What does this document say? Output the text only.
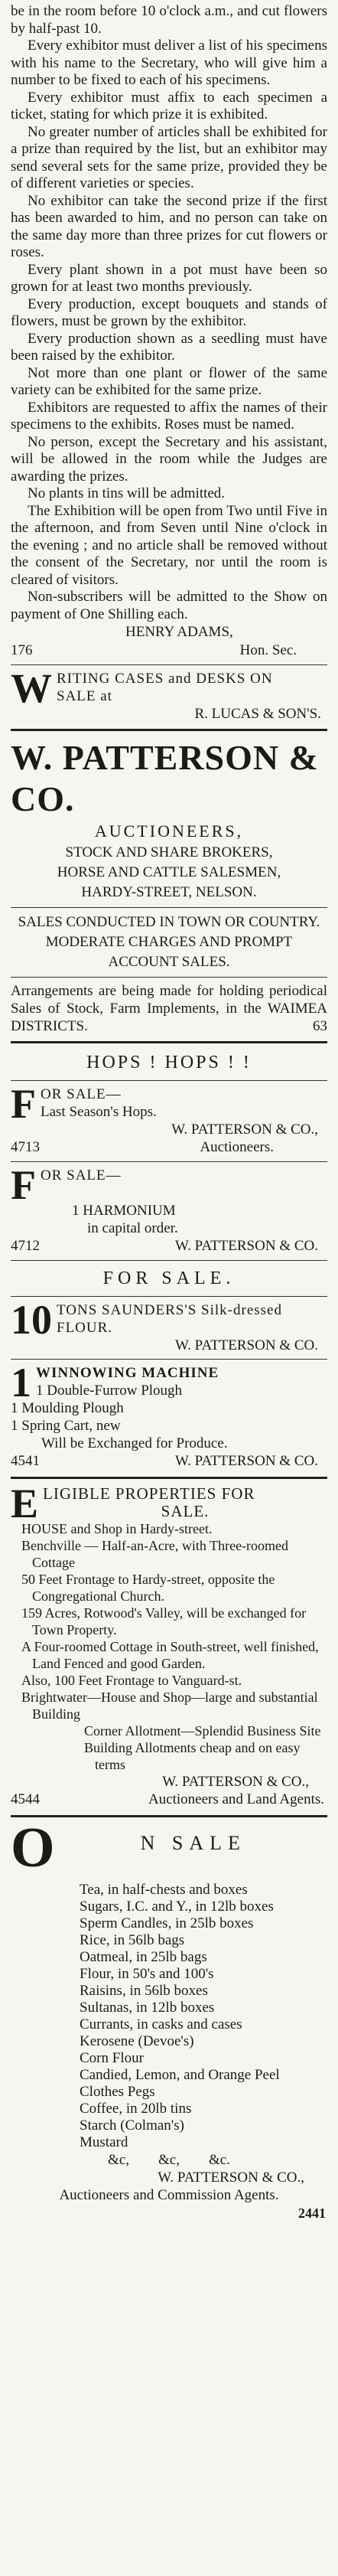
be in the room before 10 o'clock a.m., and cut flowers by half-past 10.

Every exhibitor must deliver a list of his specimens with his name to the Secretary, who will give him a number to be fixed to each of his specimens.

Every exhibitor must affix to each specimen a ticket, stating for which prize it is exhibited.

No greater number of articles shall be exhibited for a prize than required by the list, but an exhibitor may send several sets for the same prize, provided they be of different varieties or species.

No exhibitor can take the second prize if the first has been awarded to him, and no person can take on the same day more than three prizes for cut flowers or roses.

Every plant shown in a pot must have been so grown for at least two months previously.

Every production, except bouquets and stands of flowers, must be grown by the exhibitor.

Every production shown as a seedling must have been raised by the exhibitor.

Not more than one plant or flower of the same variety can be exhibited for the same prize.

Exhibitors are requested to affix the names of their specimens to the exhibits. Roses must be named.

No person, except the Secretary and his assistant, will be allowed in the room while the Judges are awarding the prizes.

No plants in tins will be admitted.

The Exhibition will be open from Two until Five in the afternoon, and from Seven until Nine o'clock in the evening ; and no article shall be removed without the consent of the Secretary, nor until the room is cleared of visitors.

Non-subscribers will be admitted to the Show on payment of One Shilling each.

HENRY ADAMS,
176	Hon. Sec.
W RITING CASES and DESKS ON
SALE at
R. LUCAS & SON'S.
W. PATTERSON & CO.
AUCTIONEERS,
STOCK AND SHARE BROKERS,
HORSE AND CATTLE SALESMEN,
HARDY-STREET, NELSON.
SALES CONDUCTED IN TOWN OR COUNTRY.
MODERATE CHARGES AND PROMPT
ACCOUNT SALES.
Arrangements are being made for holding periodical Sales of Stock, Farm Implements, in the WAIMEA DISTRICTS.	63
HOPS ! HOPS ! !
F OR SALE—
Last Season's Hops.
W. PATTERSON & CO.,
4713	Auctioneers.
F OR SALE—
1 HARMONIUM
in capital order.
4712	W. PATTERSON & CO.
FOR SALE.
10 TONS SAUNDERS'S Silk-dressed
FLOUR.
W. PATTERSON & CO.
1 WINNOWING MACHINE
1 Double-Furrow Plough
1 Moulding Plough
1 Spring Cart, new
Will be Exchanged for Produce.
4541	W. PATTERSON & CO.
E LIGIBLE PROPERTIES FOR
SALE.
HOUSE and Shop in Hardy-street.
Benchville — Half-an-Acre, with Three-roomed Cottage
50 Feet Frontage to Hardy-street, opposite the Congregational Church.
159 Acres, Rotwood's Valley, will be exchanged for Town Property.
A Four-roomed Cottage in South-street, well finished, Land Fenced and good Garden.
Also, 100 Feet Frontage to Vanguard-st.
Brightwater—House and Shop—large and substantial Building
Corner Allotment—Splendid Business Site
Building Allotments cheap and on easy terms
W. PATTERSON & CO.,
4544	Auctioneers and Land Agents.
O	N SALE
Tea, in half-chests and boxes
Sugars, I.C. and Y., in 12lb boxes
Sperm Candles, in 25lb boxes
Rice, in 56lb bags
Oatmeal, in 25lb bags
Flour, in 50's and 100's
Raisins, in 56lb boxes
Sultanas, in 12lb boxes
Currants, in casks and cases
Kerosene (Devoe's)
Corn Flour
Candied, Lemon, and Orange Peel
Clothes Pegs
Coffee, in 20lb tins
Starch (Colman's)
Mustard
&c,        &c,        &c.
W. PATTERSON & CO.,
Auctioneers and Commission Agents.
2441
